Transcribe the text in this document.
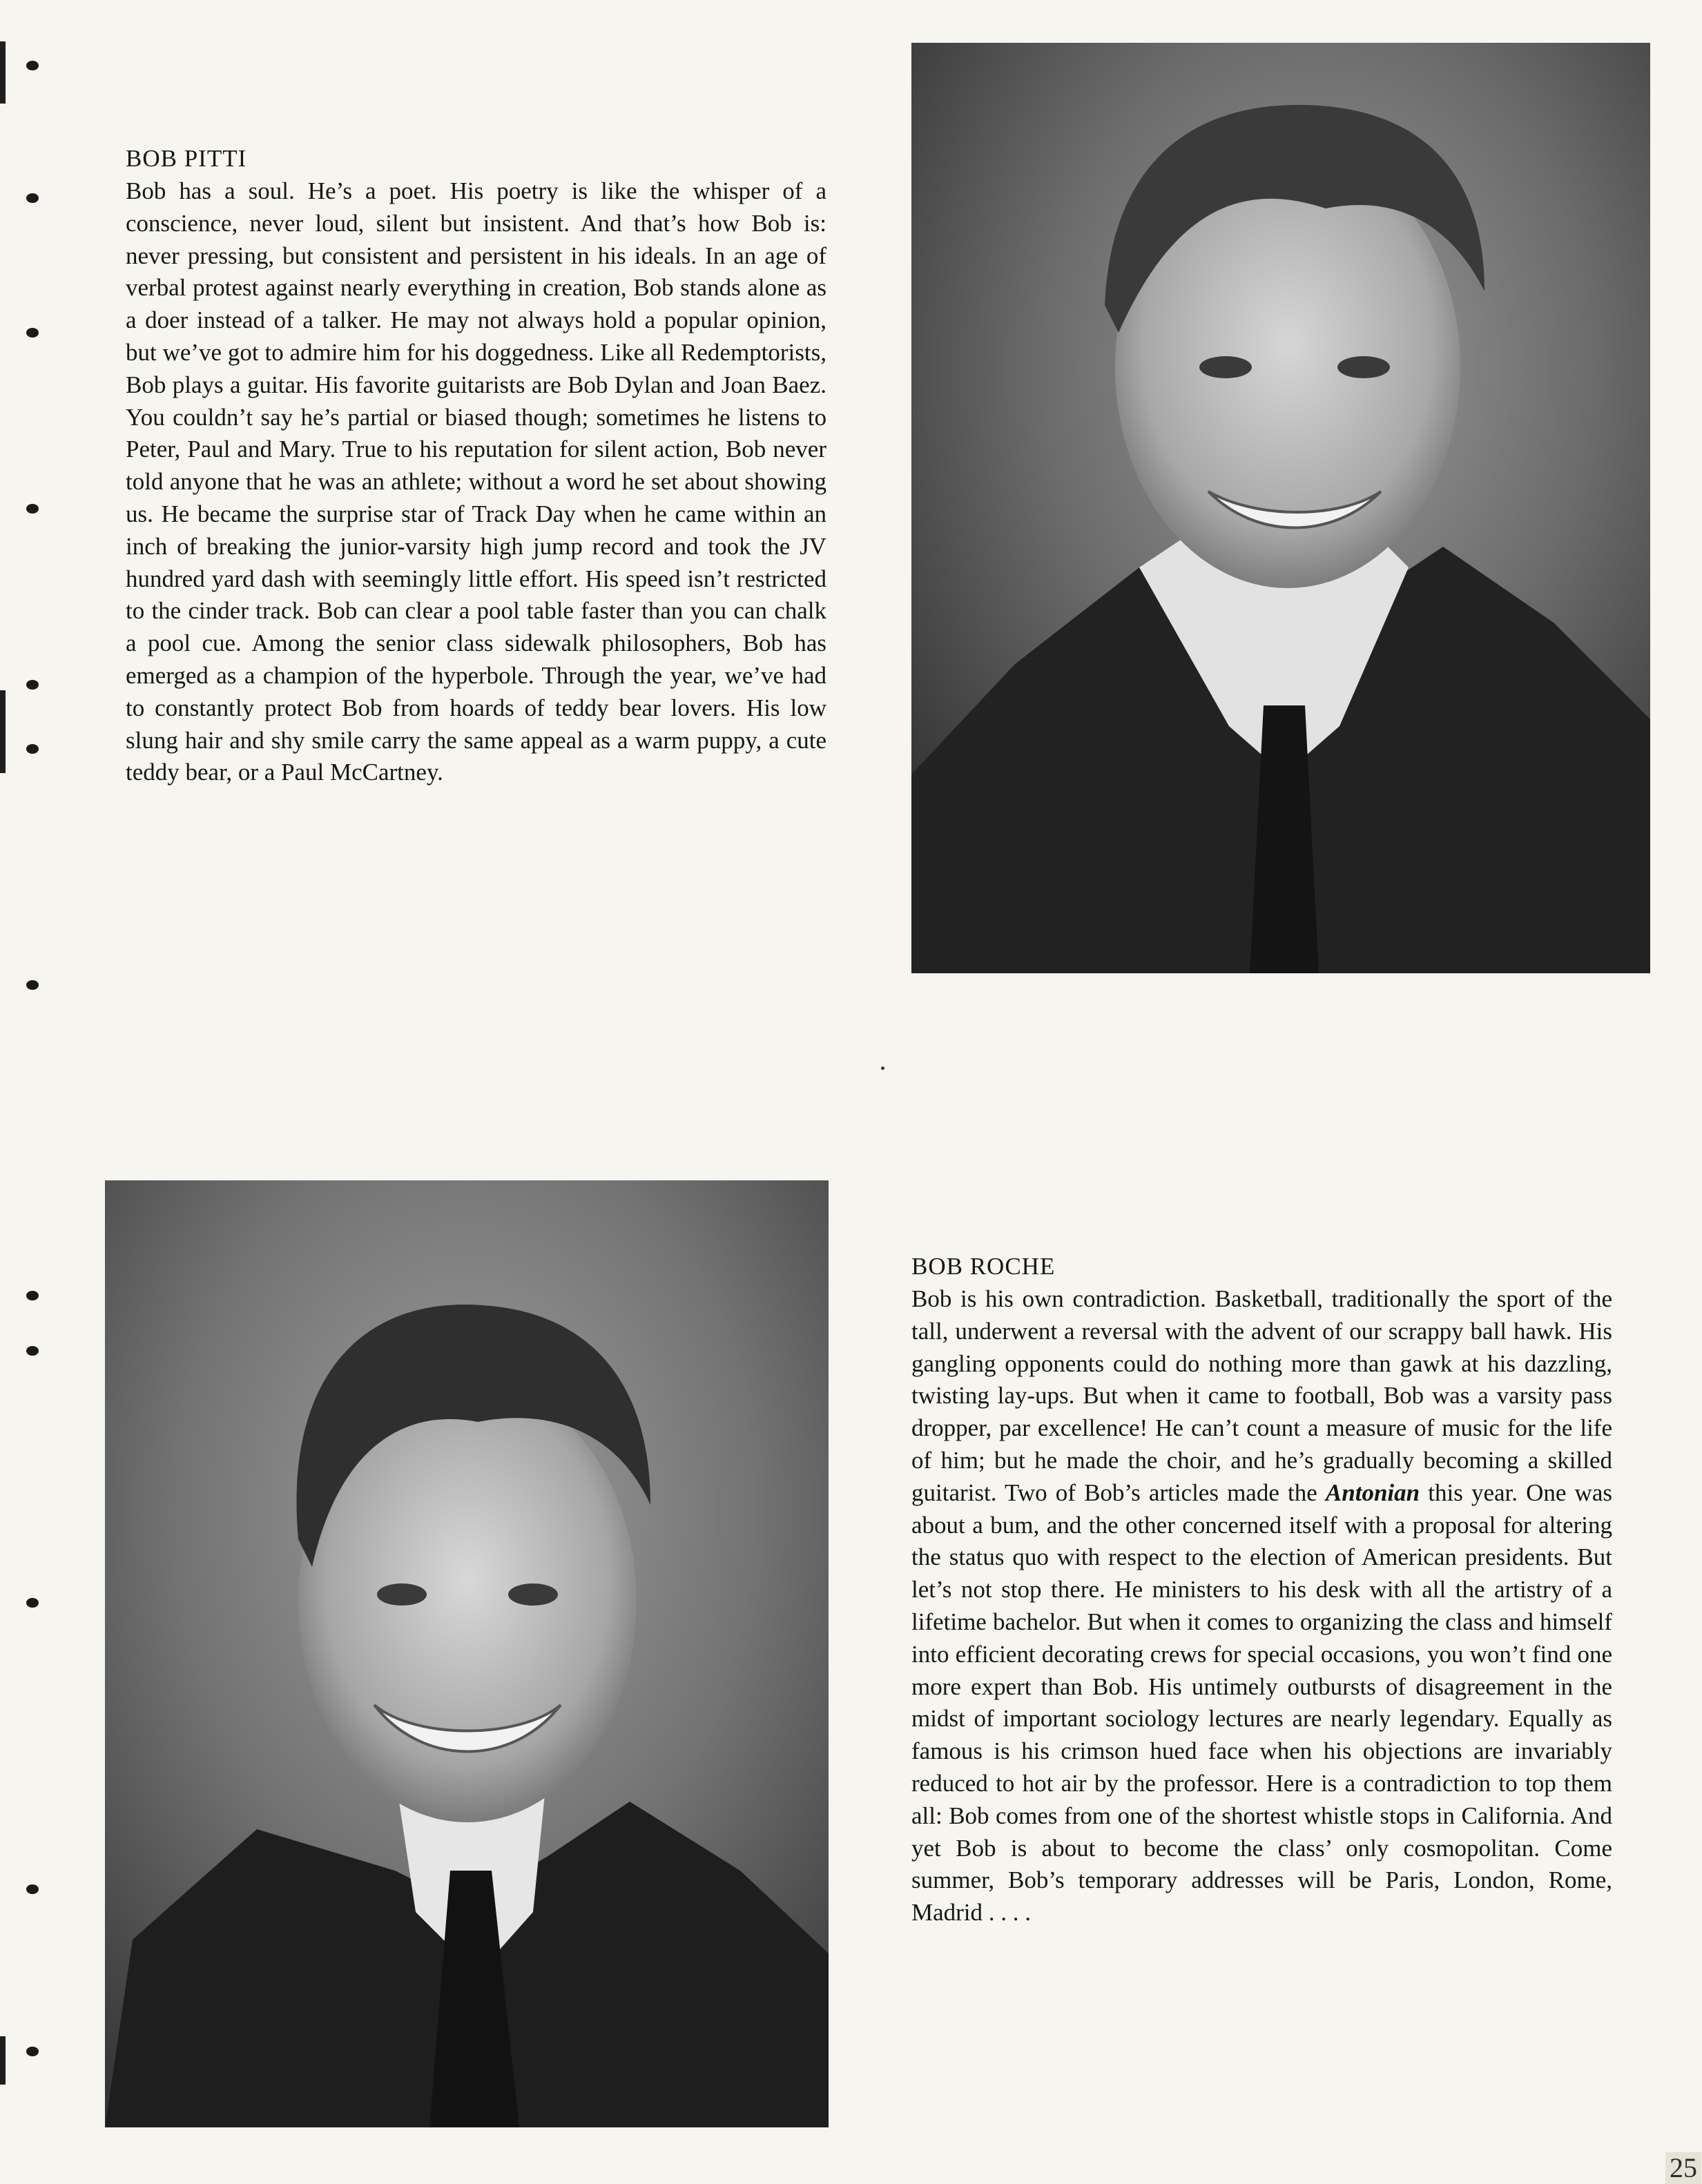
BOB PITTI

Bob has a soul. He’s a poet. His poetry is like the whisper of a conscience, never loud, silent but insistent. And that’s how Bob is: never pressing, but consistent and persistent in his ideals. In an age of verbal protest against nearly everything in creation, Bob stands alone as a doer instead of a talker. He may not always hold a popular opinion, but we’ve got to admire him for his doggedness. Like all Redemptorists, Bob plays a guitar. His favorite guitarists are Bob Dylan and Joan Baez. You couldn’t say he’s partial or biased though; sometimes he listens to Peter, Paul and Mary. True to his reputation for silent action, Bob never told anyone that he was an athlete; without a word he set about showing us. He became the surprise star of Track Day when he came within an inch of breaking the junior-varsity high jump record and took the JV hundred yard dash with seemingly little effort. His speed isn’t restricted to the cinder track. Bob can clear a pool table faster than you can chalk a pool cue. Among the senior class sidewalk philosophers, Bob has emerged as a champion of the hyperbole. Through the year, we’ve had to constantly protect Bob from hoards of teddy bear lovers. His low slung hair and shy smile carry the same appeal as a warm puppy, a cute teddy bear, or a Paul McCartney.

BOB ROCHE

Bob is his own contradiction. Basketball, traditionally the sport of the tall, underwent a reversal with the advent of our scrappy ball hawk. His gangling opponents could do nothing more than gawk at his dazzling, twisting lay-ups. But when it came to football, Bob was a varsity pass dropper, par excellence! He can’t count a measure of music for the life of him; but he made the choir, and he’s gradually becoming a skilled guitarist. Two of Bob’s articles made the Antonian this year. One was about a bum, and the other concerned itself with a proposal for altering the status quo with respect to the election of American presidents. But let’s not stop there. He ministers to his desk with all the artistry of a lifetime bachelor. But when it comes to organizing the class and himself into efficient decorating crews for special occasions, you won’t find one more expert than Bob. His untimely outbursts of disagreement in the midst of important sociology lectures are nearly legendary. Equally as famous is his crimson hued face when his objections are invariably reduced to hot air by the professor. Here is a contradiction to top them all: Bob comes from one of the shortest whistle stops in California. And yet Bob is about to become the class’ only cosmopolitan. Come summer, Bob’s temporary addresses will be Paris, London, Rome, Madrid . . . .

25
